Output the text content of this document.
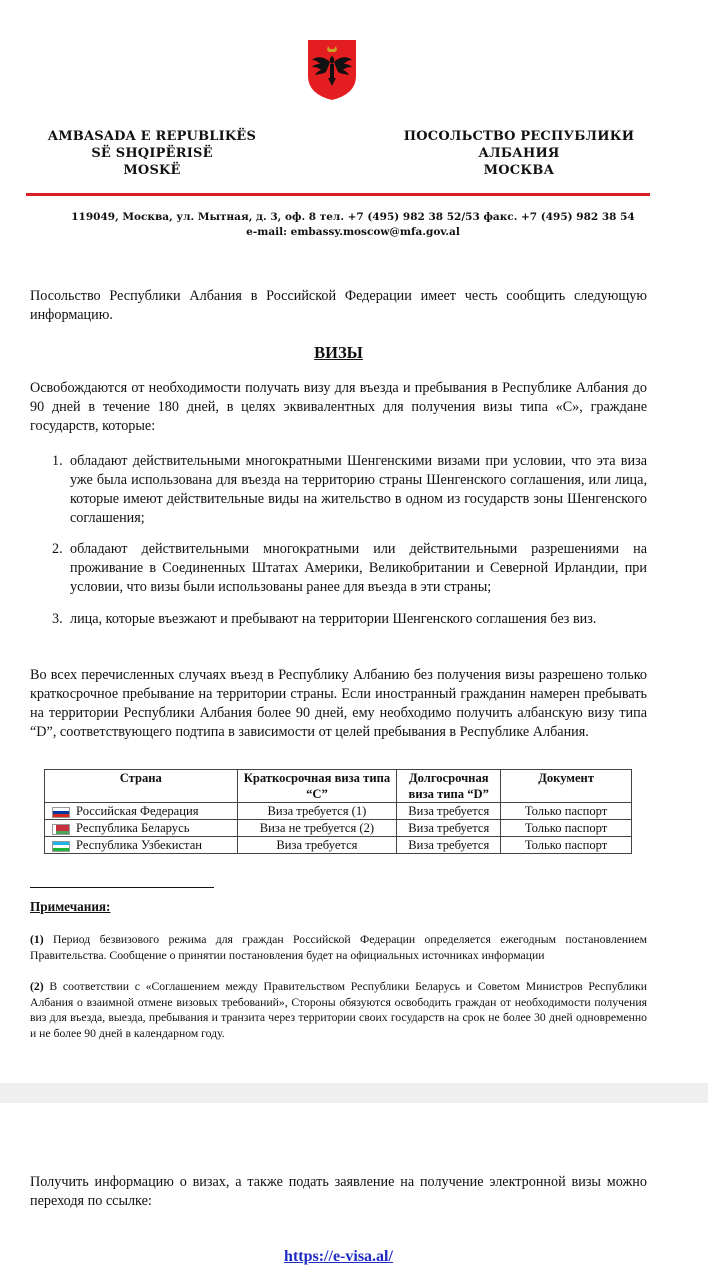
AMBASADA E REPUBLIKËS
SË SHQIPËRISË
MOSKË
ПОСОЛЬСТВО РЕСПУБЛИКИ
АЛБАНИЯ
МОСКВА
119049, Москва, ул. Мытная, д. 3, оф. 8 тел. +7 (495) 982 38 52/53 факс. +7 (495) 982 38 54
e-mail: embassy.moscow@mfa.gov.al
Посольство Республики Албания в Российской Федерации имеет честь сообщить следующую информацию.
ВИЗЫ
Освобождаются от необходимости получать визу для въезда и пребывания в Республике Албания до 90 дней в течение 180 дней, в целях эквивалентных для получения визы типа «С», граждане государств, которые:
1. обладают действительными многократными Шенгенскими визами при условии, что эта виза уже была использована для въезда на территорию страны Шенгенского соглашения, или лица, которые имеют действительные виды на жительство в одном из государств зоны Шенгенского соглашения;
2. обладают действительными многократными или действительными разрешениями на проживание в Соединенных Штатах Америки, Великобритании и Северной Ирландии, при условии, что визы были использованы ранее для въезда в эти страны;
3. лица, которые въезжают и пребывают на территории Шенгенского соглашения без виз.
Во всех перечисленных случаях въезд в Республику Албанию без получения визы разрешено только краткосрочное пребывание на территории страны. Если иностранный гражданин намерен пребывать на территории Республики Албания более 90 дней, ему необходимо получить албанскую визу типа “D”, соответствующего подтипа в зависимости от целей пребывания в Республике Албания.
Страна	Краткосрочная виза типа “С”	Долгосрочная виза типа “D”	Документ
Российская Федерация	Виза требуется (1)	Виза требуется	Только паспорт
Республика Беларусь	Виза не требуется (2)	Виза требуется	Только паспорт
Республика Узбекистан	Виза требуется	Виза требуется	Только паспорт
Примечания:
(1) Период безвизового режима для граждан Российской Федерации определяется ежегодным постановлением Правительства. Сообщение о принятии постановления будет на официальных источниках информации
(2) В соответствии с «Соглашением между Правительством Республики Беларусь и Советом Министров Республики Албания о взаимной отмене визовых требований», Стороны обязуются освободить граждан от необходимости получения виз для въезда, выезда, пребывания и транзита через территории своих государств на срок не более 30 дней одновременно и не более 90 дней в календарном году.
Получить информацию о визах, а также подать заявление на получение электронной визы можно переходя по ссылке:
https://e-visa.al/
